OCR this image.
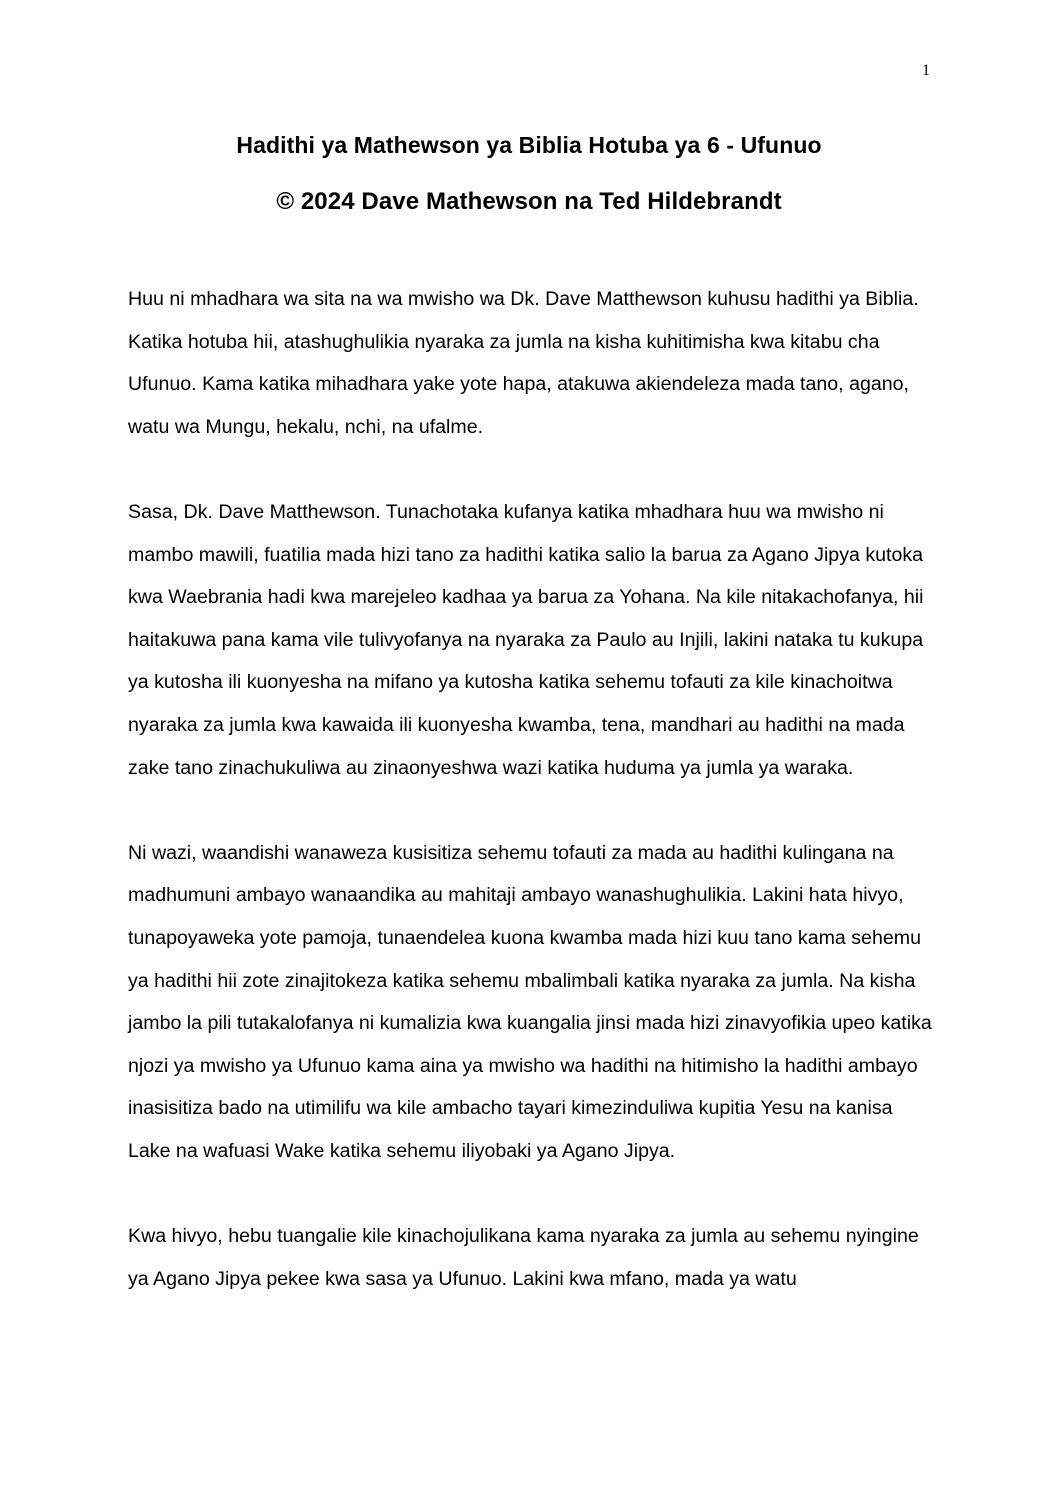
1
Hadithi ya Mathewson ya Biblia Hotuba ya 6 - Ufunuo
© 2024 Dave Mathewson na Ted Hildebrandt

Huu ni mhadhara wa sita na wa mwisho wa Dk. Dave Matthewson kuhusu hadithi ya Biblia. Katika hotuba hii, atashughulikia nyaraka za jumla na kisha kuhitimisha kwa kitabu cha Ufunuo. Kama katika mihadhara yake yote hapa, atakuwa akiendeleza mada tano, agano, watu wa Mungu, hekalu, nchi, na ufalme.

Sasa, Dk. Dave Matthewson. Tunachotaka kufanya katika mhadhara huu wa mwisho ni mambo mawili, fuatilia mada hizi tano za hadithi katika salio la barua za Agano Jipya kutoka kwa Waebrania hadi kwa marejeleo kadhaa ya barua za Yohana. Na kile nitakachofanya, hii haitakuwa pana kama vile tulivyofanya na nyaraka za Paulo au Injili, lakini nataka tu kukupa ya kutosha ili kuonyesha na mifano ya kutosha katika sehemu tofauti za kile kinachoitwa nyaraka za jumla kwa kawaida ili kuonyesha kwamba, tena, mandhari au hadithi na mada zake tano zinachukuliwa au zinaonyeshwa wazi katika huduma ya jumla ya waraka.

Ni wazi, waandishi wanaweza kusisitiza sehemu tofauti za mada au hadithi kulingana na madhumuni ambayo wanaandika au mahitaji ambayo wanashughulikia. Lakini hata hivyo, tunapoyaweka yote pamoja, tunaendelea kuona kwamba mada hizi kuu tano kama sehemu ya hadithi hii zote zinajitokeza katika sehemu mbalimbali katika nyaraka za jumla. Na kisha jambo la pili tutakalofanya ni kumalizia kwa kuangalia jinsi mada hizi zinavyofikia upeo katika njozi ya mwisho ya Ufunuo kama aina ya mwisho wa hadithi na hitimisho la hadithi ambayo inasisitiza bado na utimilifu wa kile ambacho tayari kimezinduliwa kupitia Yesu na kanisa Lake na wafuasi Wake katika sehemu iliyobaki ya Agano Jipya.

Kwa hivyo, hebu tuangalie kile kinachojulikana kama nyaraka za jumla au sehemu nyingine ya Agano Jipya pekee kwa sasa ya Ufunuo. Lakini kwa mfano, mada ya watu
